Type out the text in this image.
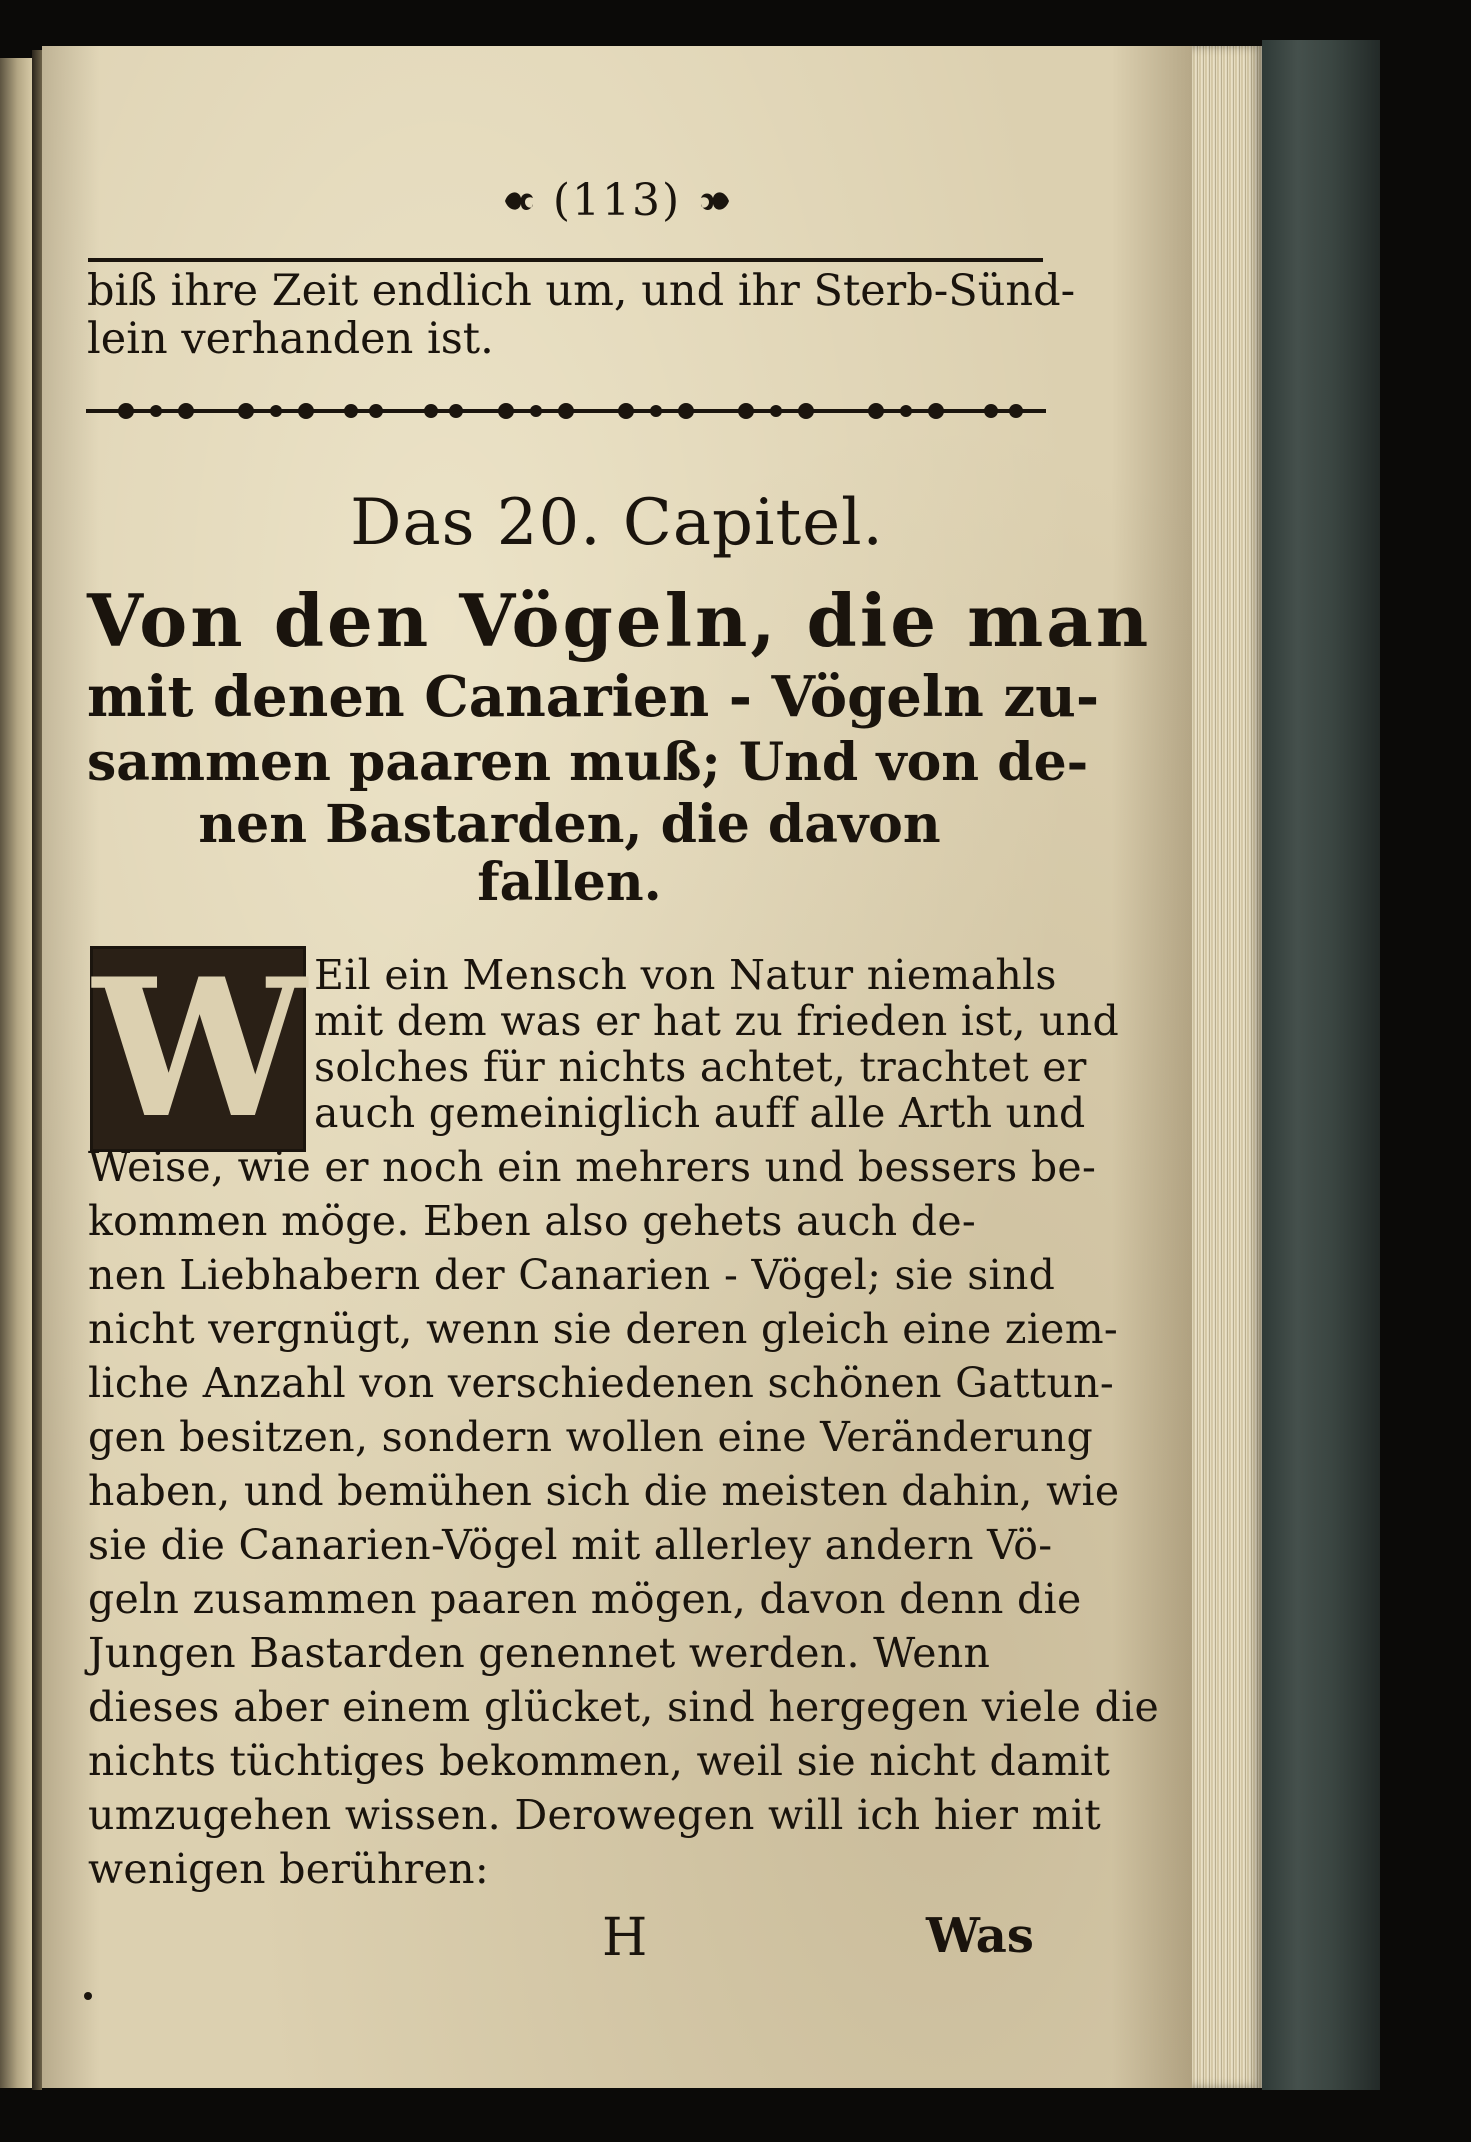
(113)
biß ihre Zeit endlich um, und ihr Sterb-Sünd-
lein verhanden ist.
Das 20. Capitel.
Von den Vögeln, die man
mit denen Canarien - Vögeln zu-
sammen paaren muß; Und von de-
nen Bastarden, die davon
fallen.
W Eil ein Mensch von Natur niemahls
mit dem was er hat zu frieden ist, und
solches für nichts achtet, trachtet er
auch gemeiniglich auff alle Arth und
Weise, wie er noch ein mehrers und bessers be-
kommen möge. Eben also gehets auch de-
nen Liebhabern der Canarien - Vögel; sie sind
nicht vergnügt, wenn sie deren gleich eine ziem-
liche Anzahl von verschiedenen schönen Gattun-
gen besitzen, sondern wollen eine Veränderung
haben, und bemühen sich die meisten dahin, wie
sie die Canarien-Vögel mit allerley andern Vö-
geln zusammen paaren mögen, davon denn die
Jungen Bastarden genennet werden. Wenn
dieses aber einem glücket, sind hergegen viele die
nichts tüchtiges bekommen, weil sie nicht damit
umzugehen wissen. Derowegen will ich hier mit
wenigen berühren:
H	Was
